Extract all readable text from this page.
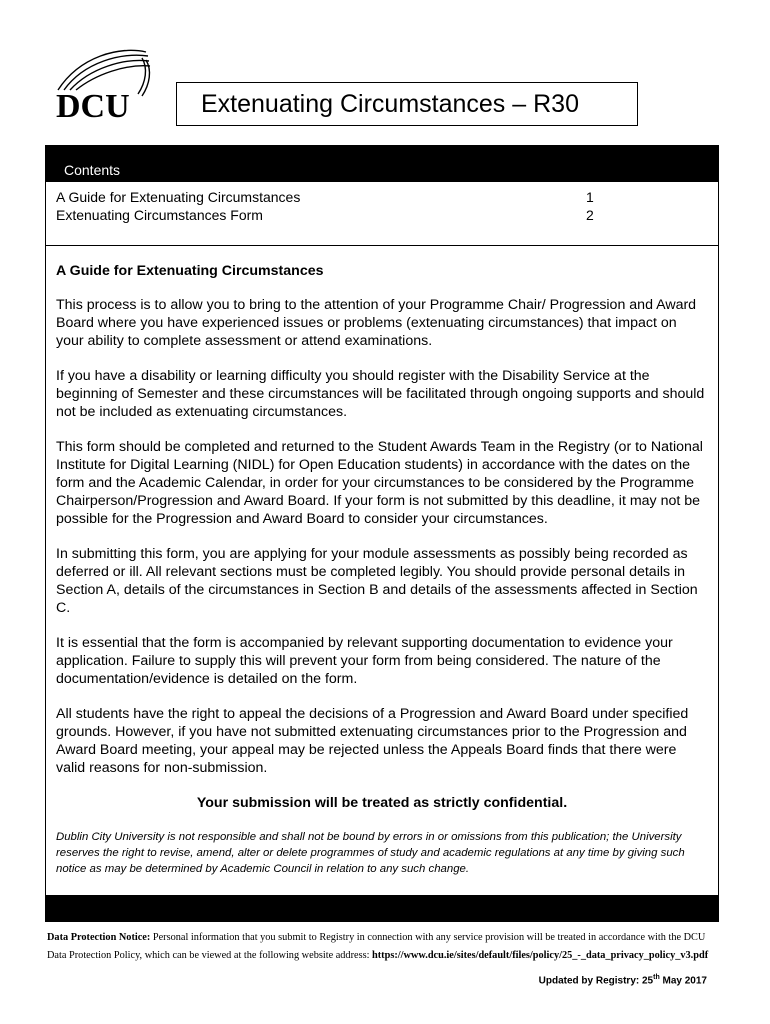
DCU	Extenuating Circumstances – R30
Contents
A Guide for Extenuating Circumstances	1
Extenuating Circumstances Form	2
A Guide for Extenuating Circumstances

This process is to allow you to bring to the attention of your Programme Chair/ Progression and Award Board where you have experienced issues or problems (extenuating circumstances) that impact on your ability to complete assessment or attend examinations.

If you have a disability or learning difficulty you should register with the Disability Service at the beginning of Semester and these circumstances will be facilitated through ongoing supports and should not be included as extenuating circumstances.

This form should be completed and returned to the Student Awards Team in the Registry (or to National Institute for Digital Learning (NIDL) for Open Education students) in accordance with the dates on the form and the Academic Calendar, in order for your circumstances to be considered by the Programme Chairperson/Progression and Award Board. If your form is not submitted by this deadline, it may not be possible for the Progression and Award Board to consider your circumstances.

In submitting this form, you are applying for your module assessments as possibly being recorded as deferred or ill. All relevant sections must be completed legibly. You should provide personal details in Section A, details of the circumstances in Section B and details of the assessments affected in Section C.

It is essential that the form is accompanied by relevant supporting documentation to evidence your application. Failure to supply this will prevent your form from being considered. The nature of the documentation/evidence is detailed on the form.

All students have the right to appeal the decisions of a Progression and Award Board under specified grounds. However, if you have not submitted extenuating circumstances prior to the Progression and Award Board meeting, your appeal may be rejected unless the Appeals Board finds that there were valid reasons for non-submission.

Your submission will be treated as strictly confidential.

Dublin City University is not responsible and shall not be bound by errors in or omissions from this publication; the University reserves the right to revise, amend, alter or delete programmes of study and academic regulations at any time by giving such notice as may be determined by Academic Council in relation to any such change.

Data Protection Notice: Personal information that you submit to Registry in connection with any service provision will be treated in accordance with the DCU Data Protection Policy, which can be viewed at the following website address: https://www.dcu.ie/sites/default/files/policy/25_-_data_privacy_policy_v3.pdf
Updated by Registry: 25th May 2017
